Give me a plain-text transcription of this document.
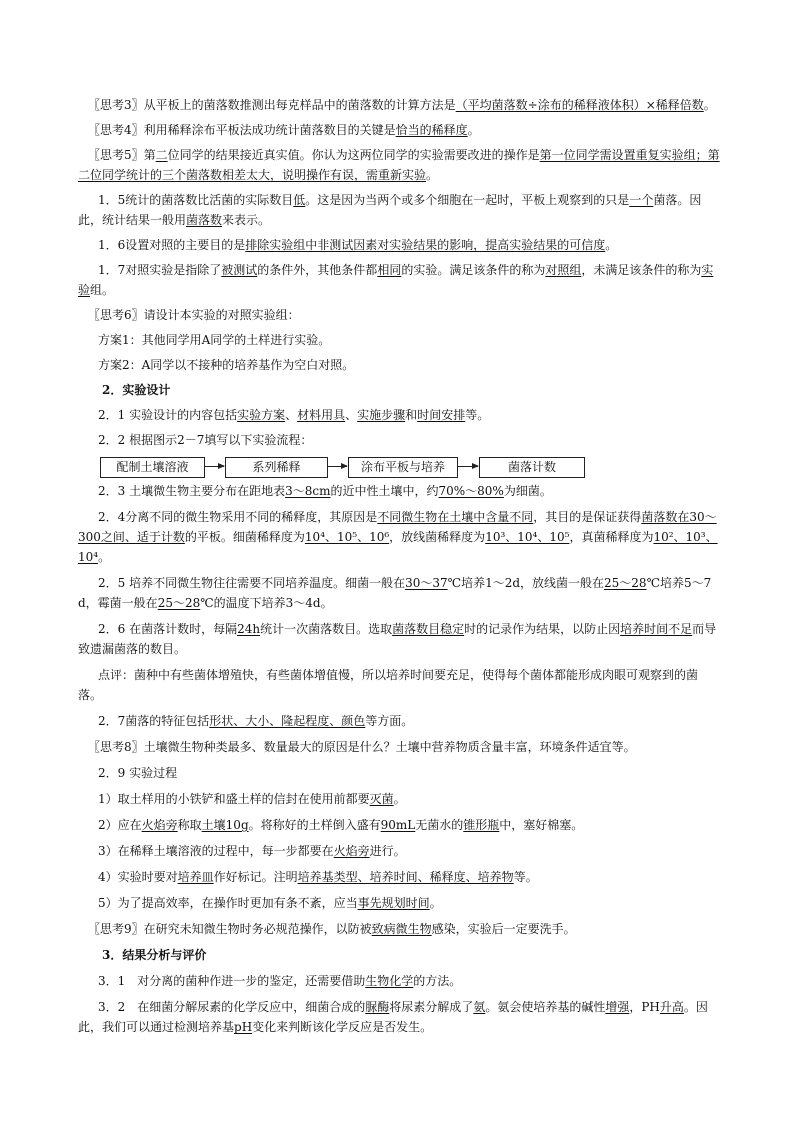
〖思考3〗从平板上的菌落数推测出每克样品中的菌落数的计算方法是（平均菌落数÷涂布的稀释液体积）×稀释倍数。

〖思考4〗利用稀释涂布平板法成功统计菌落数目的关键是恰当的稀释度。

〖思考5〗第二位同学的结果接近真实值。你认为这两位同学的实验需要改进的操作是第一位同学需设置重复实验组；第二位同学统计的三个菌落数相差太大，说明操作有误，需重新实验。

1．5统计的菌落数比活菌的实际数目低。这是因为当两个或多个细胞在一起时，平板上观察到的只是一个菌落。因此，统计结果一般用菌落数来表示。

1．6设置对照的主要目的是排除实验组中非测试因素对实验结果的影响，提高实验结果的可信度。

1．7对照实验是指除了被测试的条件外，其他条件都相同的实验。满足该条件的称为对照组，未满足该条件的称为实验组。

〖思考6〗请设计本实验的对照实验组：

方案1：其他同学用A同学的土样进行实验。

方案2：A同学以不接种的培养基作为空白对照。

2．实验设计

2．1 实验设计的内容包括实验方案、材料用具、实施步骤和时间安排等。

2．2 根据图示2－7填写以下实验流程：

配制土壤溶液	系列稀释	涂布平板与培养	菌落计数

2．3 土壤微生物主要分布在距地表3～8cm的近中性土壤中，约70%～80%为细菌。

2．4分离不同的微生物采用不同的稀释度，其原因是不同微生物在土壤中含量不同，其目的是保证获得菌落数在30～300之间、适于计数的平板。细菌稀释度为10⁴、10⁵、10⁶，放线菌稀释度为10³、10⁴、10⁵，真菌稀释度为10²、10³、10⁴。

2．5 培养不同微生物往往需要不同培养温度。细菌一般在30～37℃培养1～2d，放线菌一般在25～28℃培养5～7d，霉菌一般在25～28℃的温度下培养3～4d。

2．6 在菌落计数时，每隔24h统计一次菌落数目。选取菌落数目稳定时的记录作为结果，以防止因培养时间不足而导致遗漏菌落的数目。

点评：菌种中有些菌体增殖快，有些菌体增值慢，所以培养时间要充足，使得每个菌体都能形成肉眼可观察到的菌落。

2．7菌落的特征包括形状、大小、隆起程度、颜色等方面。

〖思考8〗土壤微生物种类最多、数量最大的原因是什么？土壤中营养物质含量丰富，环境条件适宜等。

2．9 实验过程

1）取土样用的小铁铲和盛土样的信封在使用前都要灭菌。

2）应在火焰旁称取土壤10g。将称好的土样倒入盛有90mL无菌水的锥形瓶中，塞好棉塞。

3）在稀释土壤溶液的过程中，每一步都要在火焰旁进行。

4）实验时要对培养皿作好标记。注明培养基类型、培养时间、稀释度、培养物等。

5）为了提高效率，在操作时更加有条不紊，应当事先规划时间。

〖思考9〗在研究未知微生物时务必规范操作，以防被致病微生物感染，实验后一定要洗手。

3．结果分析与评价

3．1　对分离的菌种作进一步的鉴定，还需要借助生物化学的方法。

3．2　在细菌分解尿素的化学反应中，细菌合成的脲酶将尿素分解成了氨。氨会使培养基的碱性增强，PH升高。因此，我们可以通过检测培养基pH变化来判断该化学反应是否发生。
